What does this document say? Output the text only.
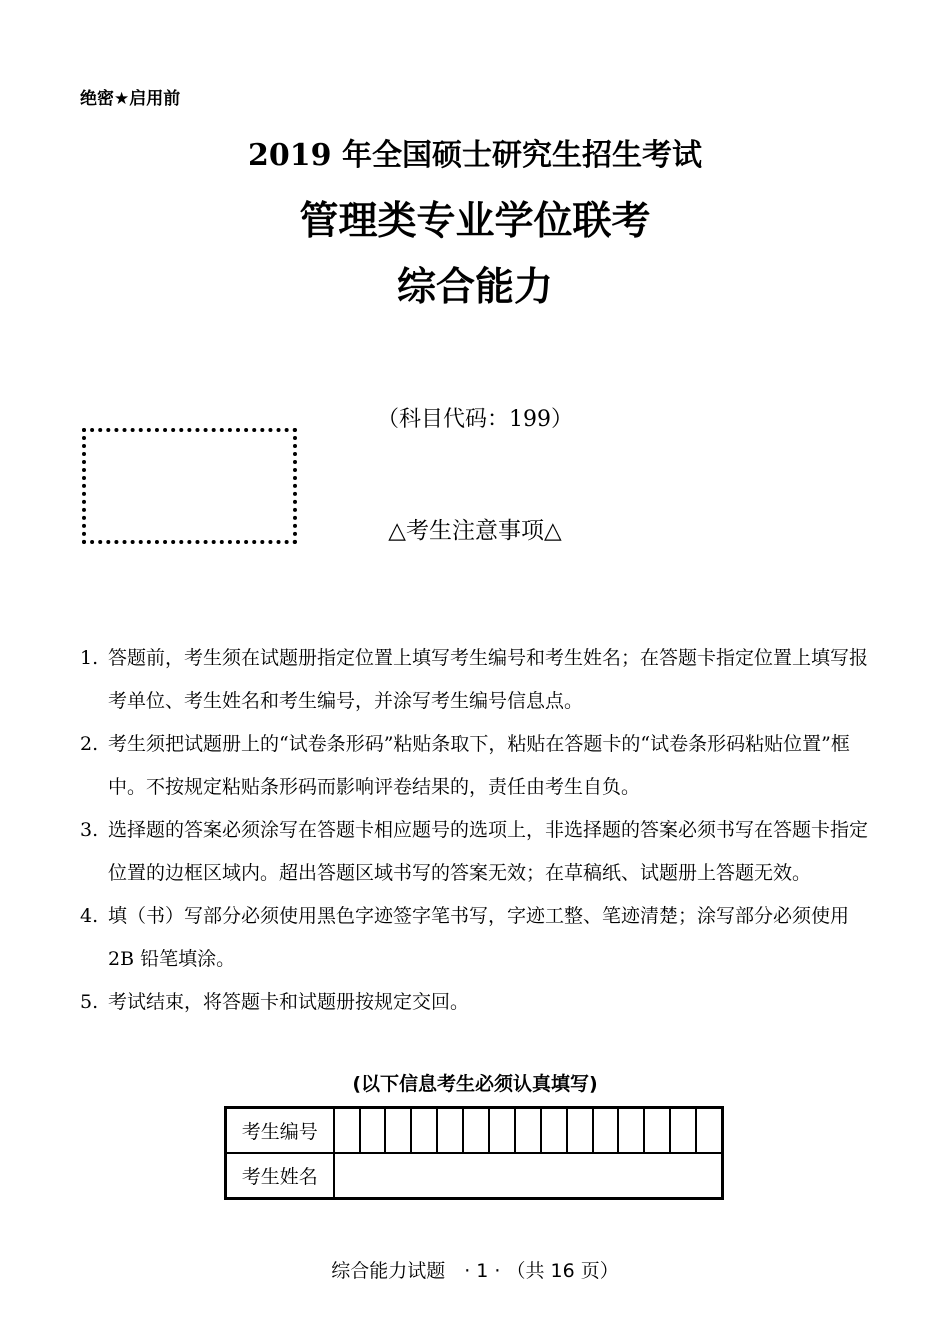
绝密★启用前
2019 年全国硕士研究生招生考试
管理类专业学位联考
综合能力
（科目代码：199）
△考生注意事项△
1. 答题前，考生须在试题册指定位置上填写考生编号和考生姓名；在答题卡指定位置上填写报考单位、考生姓名和考生编号，并涂写考生编号信息点。
2. 考生须把试题册上的“试卷条形码”粘贴条取下，粘贴在答题卡的“试卷条形码粘贴位置”框中。不按规定粘贴条形码而影响评卷结果的，责任由考生自负。
3. 选择题的答案必须涂写在答题卡相应题号的选项上，非选择题的答案必须书写在答题卡指定位置的边框区域内。超出答题区域书写的答案无效；在草稿纸、试题册上答题无效。
4. 填（书）写部分必须使用黑色字迹签字笔书写，字迹工整、笔迹清楚；涂写部分必须使用 2B 铅笔填涂。
5. 考试结束，将答题卡和试题册按规定交回。
(以下信息考生必须认真填写)
考生编号															
考生姓名															
综合能力试题　· 1 · （共 16 页）
